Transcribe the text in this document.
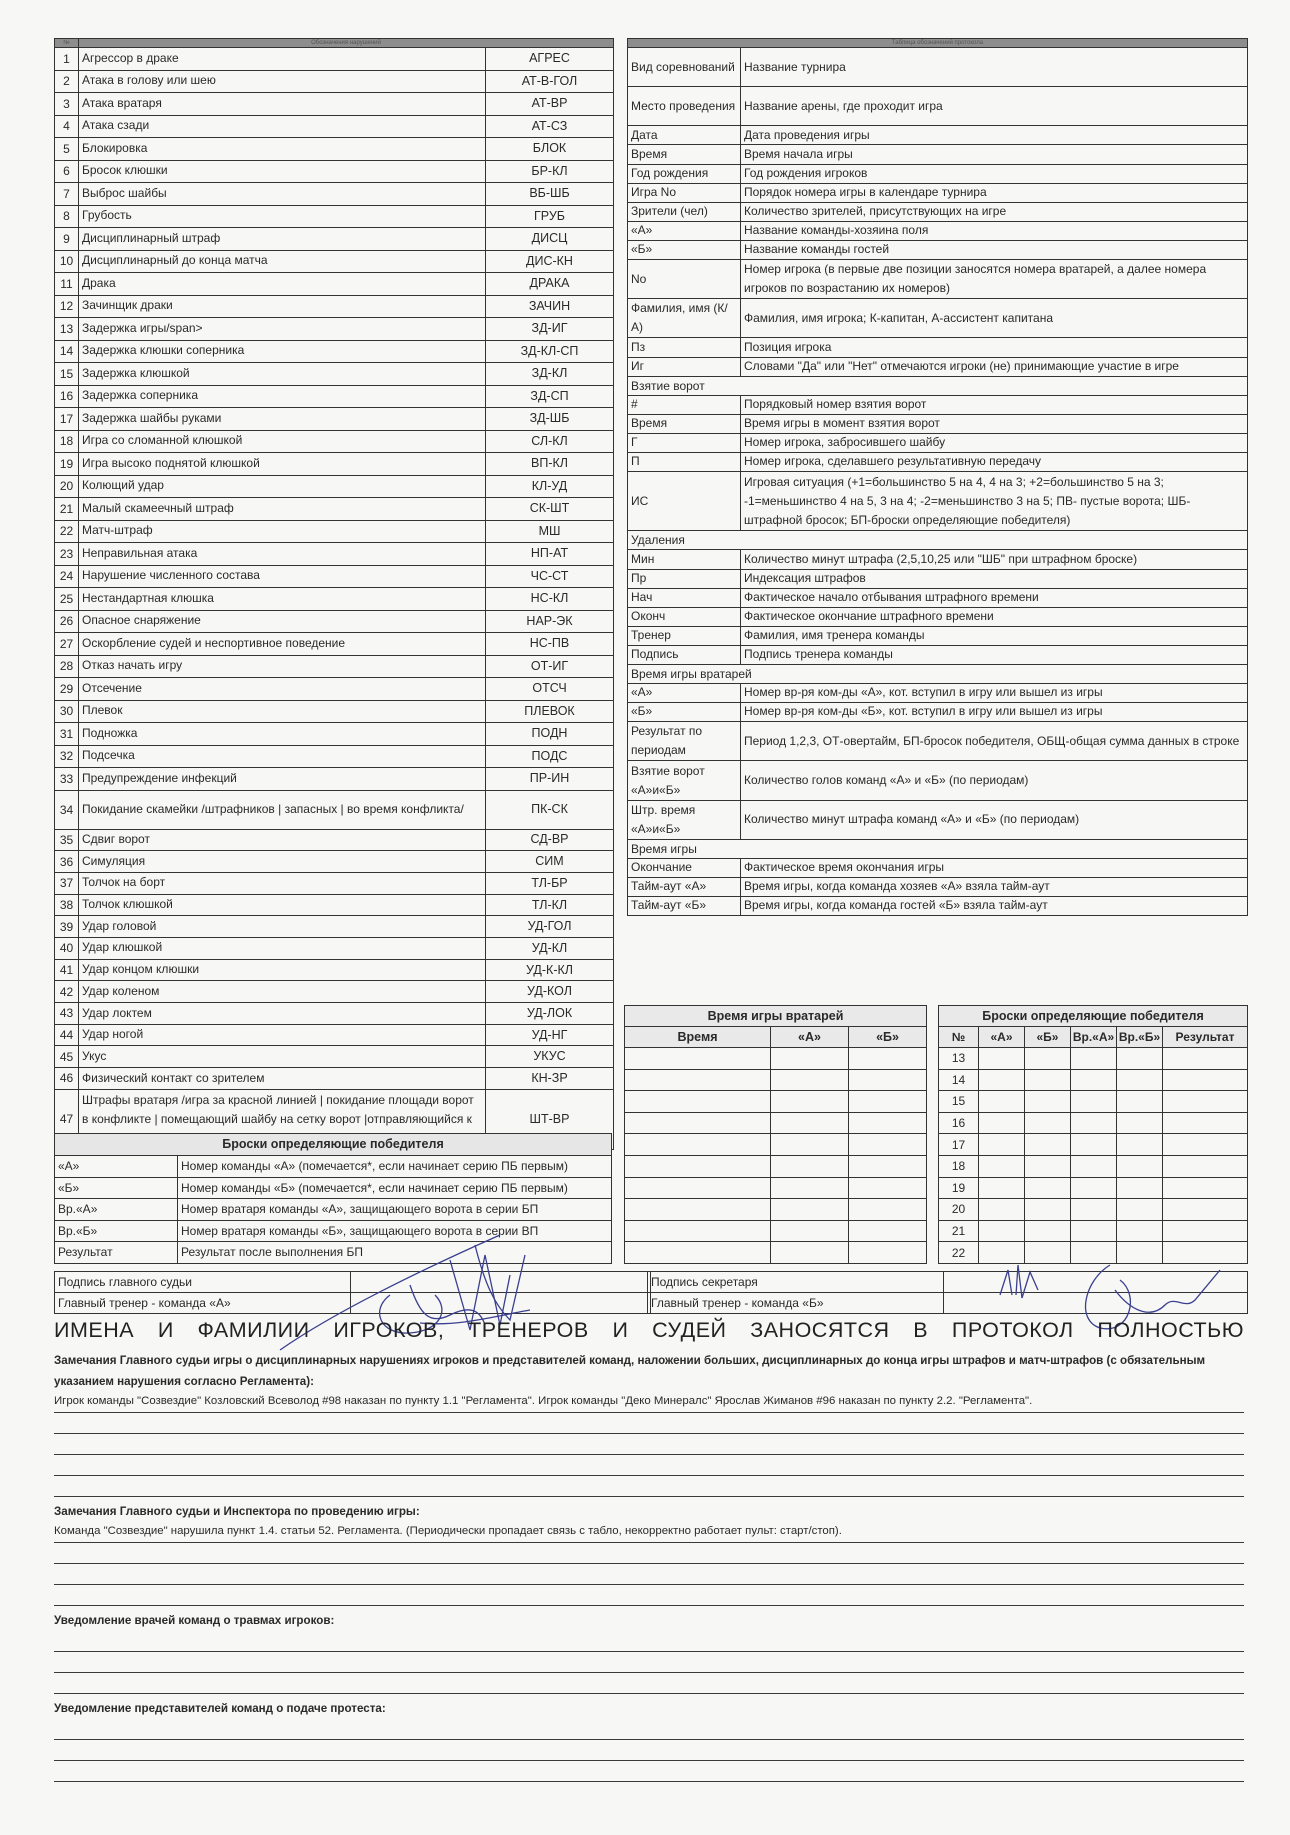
№	Обозначения нарушений
1	Агрессор в драке	АГРЕС
2	Атака в голову или шею	АТ-В-ГОЛ
3	Атака вратаря	АТ-ВР
4	Атака сзади	АТ-СЗ
5	Блокировка	БЛОК
6	Бросок клюшки	БР-КЛ
7	Выброс шайбы	ВБ-ШБ
8	Грубость	ГРУБ
9	Дисциплинарный штраф	ДИСЦ
10	Дисциплинарный до конца матча	ДИС-КН
11	Драка	ДРАКА
12	Зачинщик драки	ЗАЧИН
13	Задержка игры/span>	ЗД-ИГ
14	Задержка клюшки соперника	ЗД-КЛ-СП
15	Задержка клюшкой	ЗД-КЛ
16	Задержка соперника	ЗД-СП
17	Задержка шайбы руками	ЗД-ШБ
18	Игра со сломанной клюшкой	СЛ-КЛ
19	Игра высоко поднятой клюшкой	ВП-КЛ
20	Колющий удар	КЛ-УД
21	Малый скамеечный штраф	СК-ШТ
22	Матч-штраф	МШ
23	Неправильная атака	НП-АТ
24	Нарушение численного состава	ЧС-СТ
25	Нестандартная клюшка	НС-КЛ
26	Опасное снаряжение	НАР-ЭК
27	Оскорбление судей и неспортивное поведение	НС-ПВ
28	Отказ начать игру	ОТ-ИГ
29	Отсечение	ОТСЧ
30	Плевок	ПЛЕВОК
31	Подножка	ПОДН
32	Подсечка	ПОДС
33	Предупреждение инфекций	ПР-ИН
34	Покидание скамейки /штрафников | запасных | во время конфликта/	ПК-СК
35	Сдвиг ворот	СД-ВР
36	Симуляция	СИМ
37	Толчок на борт	ТЛ-БР
38	Толчок клюшкой	ТЛ-КЛ
39	Удар головой	УД-ГОЛ
40	Удар клюшкой	УД-КЛ
41	Удар концом клюшки	УД-К-КЛ
42	Удар коленом	УД-КОЛ
43	Удар локтем	УД-ЛОК
44	Удар ногой	УД-НГ
45	Укус	УКУС
46	Физический контакт со зрителем	КН-ЗР
47	Штрафы вратаря /игра за красной линией | покидание площади ворот в конфликте | помещающий шайбу на сетку ворот |отправляющийся к	ШТ-ВР
Таблица обозначений протокола
Вид соревнований	Название турнира
Место проведения	Название арены, где проходит игра
Дата	Дата проведения игры
Время	Время начала игры
Год рождения	Год рождения игроков
Игра No	Порядок номера игры в календаре турнира
Зрители (чел)	Количество зрителей, присутствующих на игре
«А»	Название команды-хозяина поля
«Б»	Название команды гостей
No	Номер игрока (в первые две позиции заносятся номера вратарей, а далее номера игроков по возрастанию их номеров)
Фамилия, имя (К/А)	Фамилия, имя игрока; К-капитан, А-ассистент капитана
Пз	Позиция игрока
Иг	Словами "Да" или "Нет" отмечаются игроки (не) принимающие участие в игре
Взятие ворот
#	Порядковый номер взятия ворот
Время	Время игры в момент взятия ворот
Г	Номер игрока, забросившего шайбу
П	Номер игрока, сделавшего результативную передачу
ИС	Игровая ситуация (+1=большинство 5 на 4, 4 на 3; +2=большинство 5 на 3; -1=меньшинство 4 на 5, 3 на 4; -2=меньшинство 3 на 5; ПВ- пустые ворота; ШБ-штрафной бросок; БП-броски определяющие победителя)
Удаления
Мин	Количество минут штрафа (2,5,10,25 или "ШБ" при штрафном броске)
Пр	Индексация штрафов
Нач	Фактическое начало отбывания штрафного времени
Оконч	Фактическое окончание штрафного времени
Тренер	Фамилия, имя тренера команды
Подпись	Подпись тренера команды
Время игры вратарей
«А»	Номер вр-ря ком-ды «А», кот. вступил в игру или вышел из игры
«Б»	Номер вр-ря ком-ды «Б», кот. вступил в игру или вышел из игры
Результат по периодам	Период 1,2,3, ОТ-овертайм, БП-бросок победителя, ОБЩ-общая сумма данных в строке
Взятие ворот «А»и«Б»	Количество голов команд «А» и «Б» (по периодам)
Штр. время «А»и«Б»	Количество минут штрафа команд «А» и «Б» (по периодам)
Время игры
Окончание	Фактическое время окончания игры
Тайм-аут «А»	Время игры, когда команда хозяев «А» взяла тайм-аут
Тайм-аут «Б»	Время игры, когда команда гостей «Б» взяла тайм-аут
Время игры вратарей
Время	«А»	«Б»

Броски определяющие победителя
№	«А»	«Б»	Вр.«А»	Вр.«Б»	Результат
13					
14					
15					
16					
17					
18					
19					
20					
21					
22					
Броски определяющие победителя
«А»	Номер команды «А» (помечается*, если начинает серию ПБ первым)
«Б»	Номер команды «Б» (помечается*, если начинает серию ПБ первым)
Вр.«А»	Номер вратаря команды «А», защищающего ворота в серии БП
Вр.«Б»	Номер вратаря команды «Б», защищающего ворота в серии ВП
Результат	Результат после выполнения БП
Подпись главного судьи	
Главный тренер - команда «А»	
Подпись секретаря	
Главный тренер - команда «Б»	
ИМЕНА И ФАМИЛИИ ИГРОКОВ, ТРЕНЕРОВ И СУДЕЙ ЗАНОСЯТСЯ В ПРОТОКОЛ ПОЛНОСТЬЮ
Замечания Главного судьи игры о дисциплинарных нарушениях игроков и представителей команд, наложении больших, дисциплинарных до конца игры штрафов и матч-штрафов (с обязательным указанием нарушения согласно Регламента):
Игрок команды "Созвездие" Козловский Всеволод #98 наказан по пункту 1.1 "Регламента". Игрок команды "Деко Минералс" Ярослав Жиманов #96 наказан по пункту 2.2. "Регламента".
Замечания Главного судьи и Инспектора по проведению игры:
Команда "Созвездие" нарушила пункт 1.4. статьи 52. Регламента. (Периодически пропадает связь с табло, некорректно работает пульт: старт/стоп).
Уведомление врачей команд о травмах игроков:
Уведомление представителей команд о подаче протеста:
